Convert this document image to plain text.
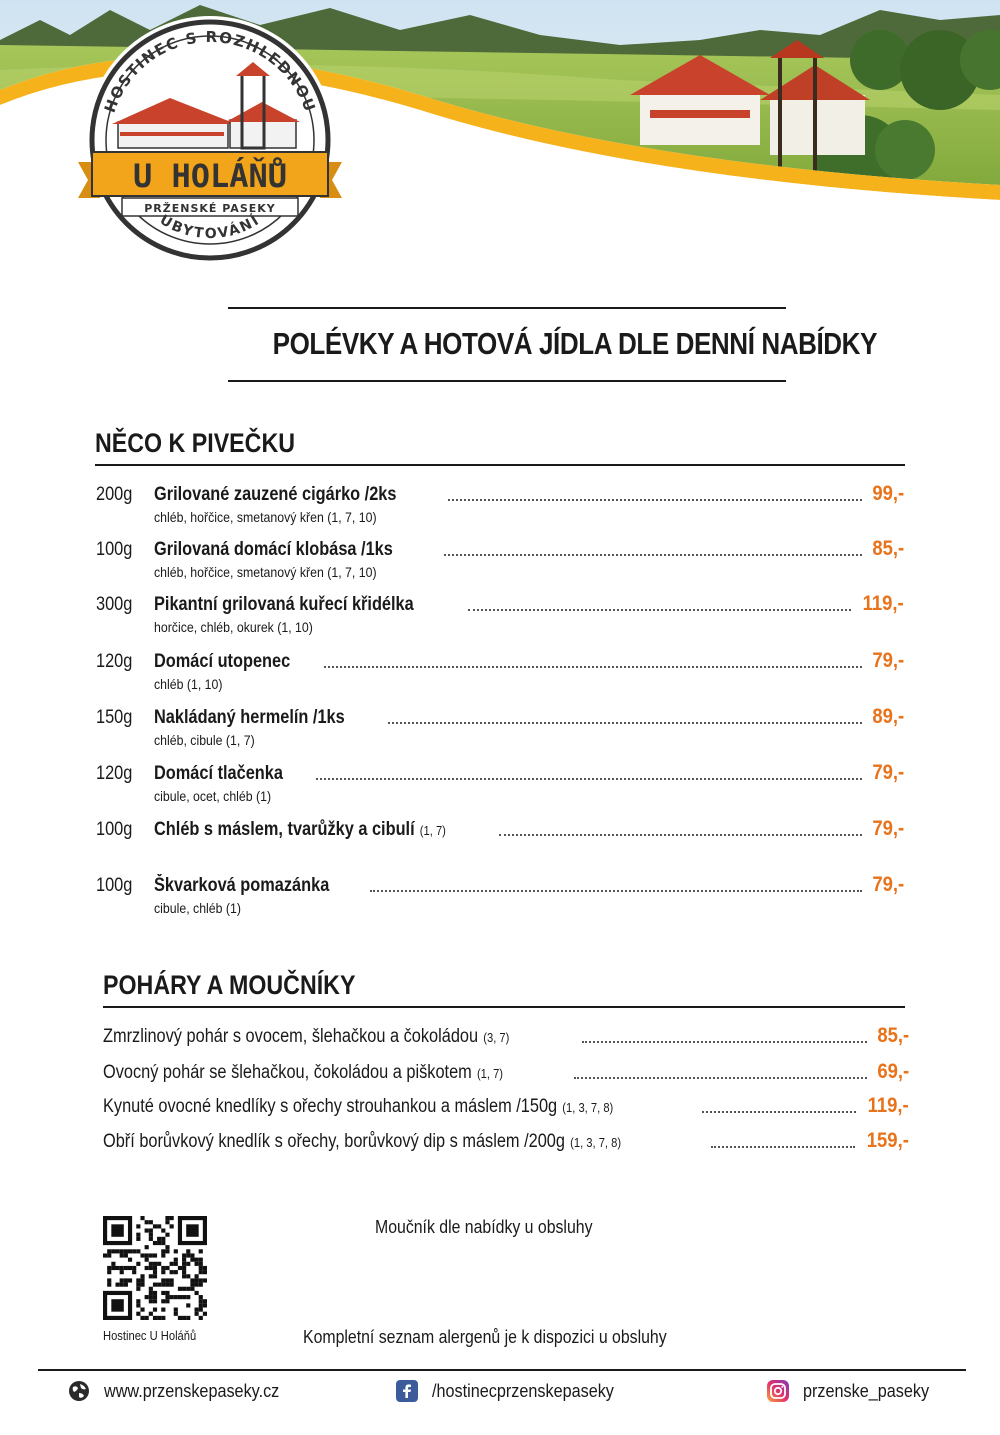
HOSTINEC S ROZHLEDNOU
U HOLÁŇŮ
PRŽENSKÉ PASEKY
UBYTOVÁNÍ
POLÉVKY A HOTOVÁ JÍDLA DLE DENNÍ NABÍDKY
NĚCO K PIVEČKU
200g	Grilované zauzené cigárko /2ks	99,-
chléb, hořčice, smetanový křen (1, 7, 10)
100g	Grilovaná domácí klobása /1ks	85,-
chléb, hořčice, smetanový křen (1, 7, 10)
300g	Pikantní grilovaná kuřecí křidélka	119,-
horčice, chléb, okurek (1, 10)
120g	Domácí utopenec	79,-
chléb (1, 10)
150g	Nakládaný hermelín /1ks	89,-
chléb, cibule (1, 7)
120g	Domácí tlačenka	79,-
cibule, ocet, chléb (1)
100g	Chléb s máslem, tvarůžky a cibulí (1, 7)	79,-
100g	Škvarková pomazánka	79,-
cibule, chléb (1)
POHÁRY A MOUČNÍKY
Zmrzlinový pohár s ovocem, šlehačkou a čokoládou (3, 7)	85,-
Ovocný pohár se šlehačkou, čokoládou a piškotem (1, 7)	69,-
Kynuté ovocné knedlíky s ořechy strouhankou a máslem /150g (1, 3, 7, 8)	119,-
Obří borůvkový knedlík s ořechy, borůvkový dip s máslem /200g (1, 3, 7, 8)	159,-
Hostinec U Holáňů
Moučník dle nabídky u obsluhy
Kompletní seznam alergenů je k dispozici u obsluhy
www.przenskepaseky.cz	/hostinecprzenskepaseky	przenske_paseky
